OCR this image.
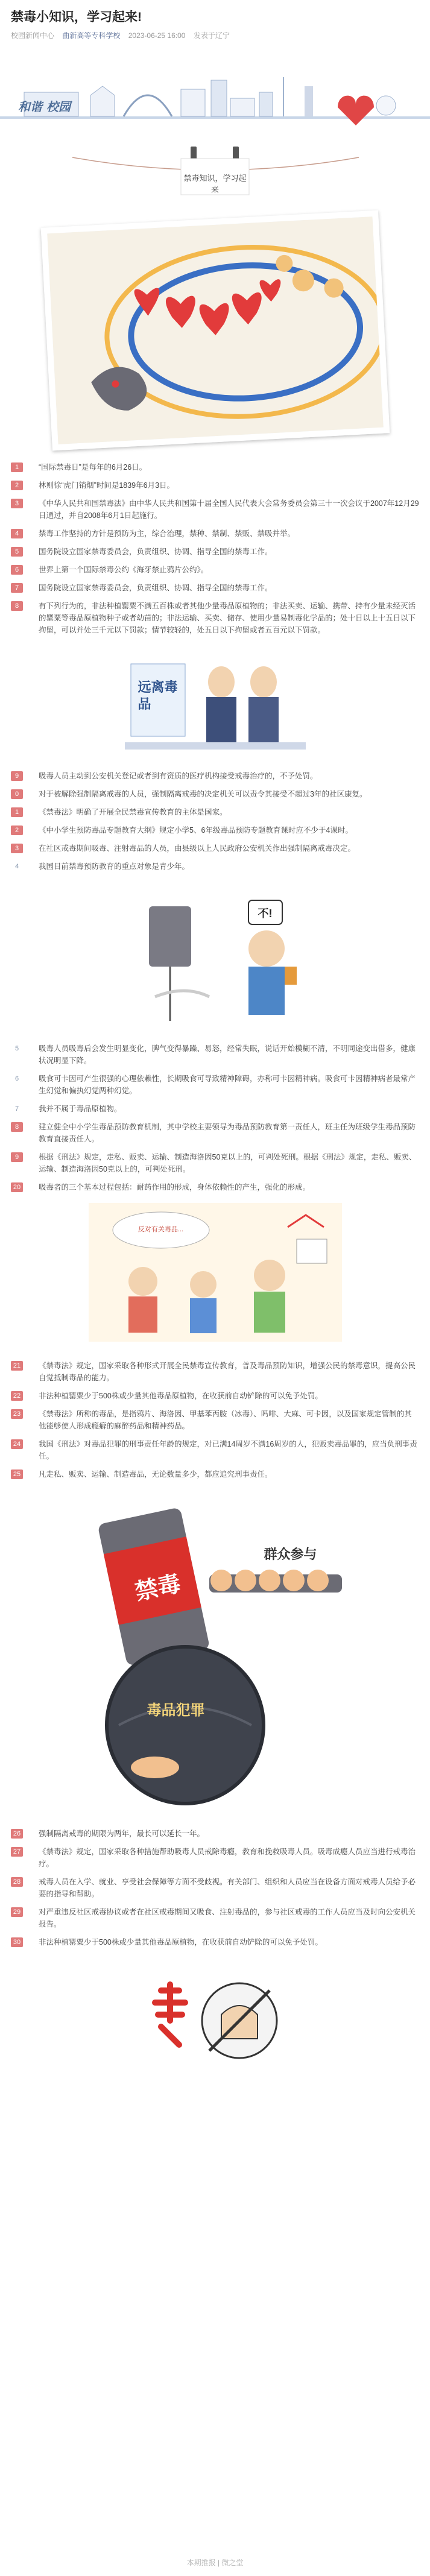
禁毒小知识，学习起来!
校园新闻中心 曲新高等专科学校 2023-06-25 16:00 发表于辽宁
和谐 校园
禁毒知识，学习起来
1	“国际禁毒日”是每年的6月26日。
2	林则徐“虎门销烟”时间是1839年6月3日。
3	《中华人民共和国禁毒法》由中华人民共和国第十届全国人民代表大会常务委员会第三十一次会议于2007年12月29日通过，并自2008年6月1日起施行。
4	禁毒工作坚持的方针是预防为主，综合治理，禁种、禁制、禁贩、禁吸并举。
5	国务院设立国家禁毒委员会，负责组织、协调、指导全国的禁毒工作。
6	世界上第一个国际禁毒公约《海牙禁止鸦片公约》。
7	国务院设立国家禁毒委员会，负责组织、协调、指导全国的禁毒工作。
8	有下列行为的，非法种植罂粟不满五百株或者其他少量毒品原植物的；非法买卖、运输、携带、持有少量未经灭活的罂粟等毒品原植物种子或者幼苗的；非法运输、买卖、储存、使用少量易制毒化学品的；处十日以上十五日以下拘留，可以并处三千元以下罚款；情节较轻的，处五日以下拘留或者五百元以下罚款。
远离毒品
9	吸毒人员主动到公安机关登记或者到有资质的医疗机构接受戒毒治疗的，不予处罚。
0	对于被解除强制隔离戒毒的人员，强制隔离戒毒的决定机关可以责令其接受不超过3年的社区康复。
1	《禁毒法》明确了开展全民禁毒宣传教育的主体是国家。
2	《中小学生预防毒品专题教育大纲》规定小学5、6年级毒品预防专题教育课时应不少于4课时。
3	在社区戒毒期间吸毒、注射毒品的人员，由县级以上人民政府公安机关作出强制隔离戒毒决定。
4	我国目前禁毒预防教育的重点对象是青少年。
不!
5	吸毒人员吸毒后会发生明显变化，脾气变得暴躁、易怒，经常失眠，说话开始模糊不清，不明同途变出借多，健康状况明显下降。
6	吸食可卡因可产生很强的心理依赖性，长期吸食可导致精神障碍，亦称可卡因精神病。吸食可卡因精神病者最常产生幻觉和偏执幻觉两种幻觉。
7	我并不属于毒品原植物。
8	建立健全中小学生毒品预防教育机制，其中学校主要领导为毒品预防教育第一责任人，班主任为班级学生毒品预防教育直接责任人。
9	根据《刑法》规定，走私、贩卖、运输、制造海洛因50克以上的，可判处死刑。根据《刑法》规定，走私、贩卖、运输、制造海洛因50克以上的，可判处死刑。
20	吸毒者的三个基本过程包括：耐药作用的形成，身体依赖性的产生，强化的形成。
反对有关毒品...
21	《禁毒法》规定，国家采取各种形式开展全民禁毒宣传教育，普及毒品预防知识，增强公民的禁毒意识，提高公民自觉抵制毒品的能力。
22	非法种植罂粟少于500株或少量其他毒品原植物，在收获前自动铲除的可以免予处罚。
23	《禁毒法》所称的毒品，是指鸦片、海洛因、甲基苯丙胺（冰毒）、吗啡、大麻、可卡因，以及国家规定管制的其他能够使人形成瘾癖的麻醉药品和精神药品。
24	我国《刑法》对毒品犯罪的刑事责任年龄的规定，对已满14周岁不满16周岁的人，犯贩卖毒品罪的，应当负刑事责任。
25	凡走私、贩卖、运输、制造毒品，无论数量多少，都应追究刑事责任。
禁毒
毒品犯罪
群众参与
26	强制隔离戒毒的期限为两年，最长可以延长一年。
27	《禁毒法》规定，国家采取各种措施帮助吸毒人员戒除毒瘾，教育和挽救吸毒人员。吸毒成瘾人员应当进行戒毒治疗。
28	戒毒人员在入学、就业、享受社会保障等方面不受歧视。有关部门、组织和人员应当在设备方面对戒毒人员给予必要的指导和帮助。
29	对严重违反社区戒毒协议或者在社区戒毒期间又吸食、注射毒品的，参与社区戒毒的工作人员应当及时向公安机关报告。
30	非法种植罂粟少于500株或少量其他毒品原植物，在收获前自动铲除的可以免予处罚。
本期推报 | 微之堂
